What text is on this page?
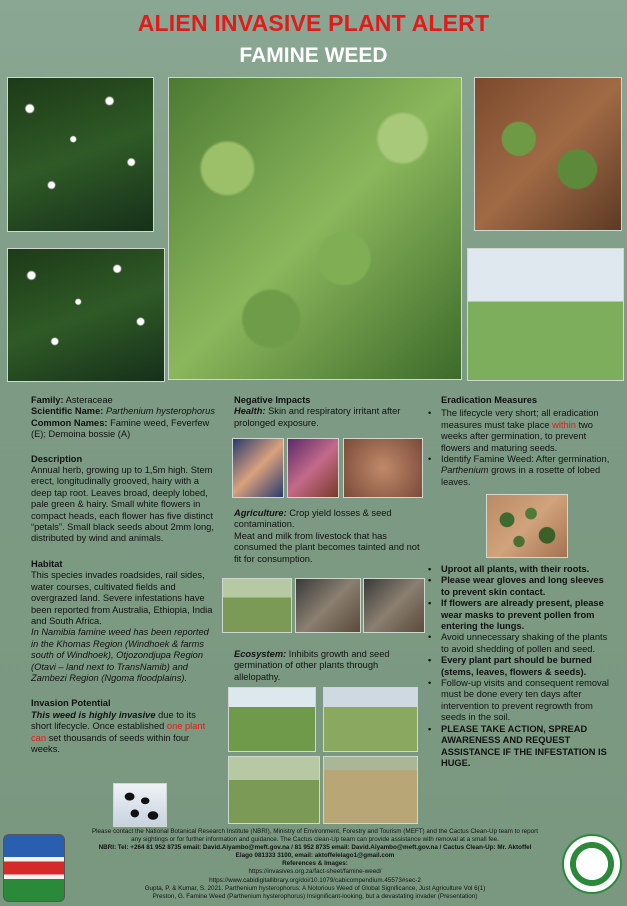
ALIEN INVASIVE PLANT ALERT
FAMINE WEED

Family: Asteraceae

Scientific Name: Parthenium hysterophorus

Common Names: Famine weed, Feverfew (E); Demoina bossie (A)

Description

Annual herb, growing up to 1,5m high. Stem erect, longitudinally grooved, hairy with a deep tap root. Leaves broad, deeply lobed, pale green & hairy. Small white flowers in compact heads, each flower has five distinct “petals”. Small black seeds about 2mm long, distributed by wind and animals.

Habitat

This species invades roadsides, rail sides, water courses, cultivated fields and overgrazed land. Severe infestations have been reported from Australia, Ethiopia, India and South Africa.

In Namibia famine weed has been reported in the Khomas Region (Windhoek & farms south of Windhoek), Otjozondjupa Region (Otavi – land next to TransNamib) and Zambezi Region (Ngoma floodplains).

Invasion Potential

This weed is highly invasive due to its short lifecycle. Once established one plant can set thousands of seeds within four weeks.

Negative Impacts

Health: Skin and respiratory irritant after prolonged exposure.

Agriculture: Crop yield losses & seed contamination.

Meat and milk from livestock that has consumed the plant becomes tainted and not fit for consumption.

Ecosystem: Inhibits growth and seed germination of other plants through allelopathy.

Eradication Measures

• The lifecycle very short; all eradication measures must take place within two weeks after germination, to prevent flowers and maturing seeds.
• Identify Famine Weed: After germination, Parthenium grows in a rosette of lobed leaves.
• Uproot all plants, with their roots.
• Please wear gloves and long sleeves to prevent skin contact.
• If flowers are already present, please wear masks to prevent pollen from entering the lungs.
• Avoid unnecessary shaking of the plants to avoid shedding of pollen and seed.
• Every plant part should be burned (stems, leaves, flowers & seeds).
• Follow-up visits and consequent removal must be done every ten days after intervention to prevent regrowth from seeds in the soil.
• PLEASE TAKE ACTION, SPREAD AWARENESS AND REQUEST ASSISTANCE IF THE INFESTATION IS HUGE.

Please contact the National Botanical Research Institute (NBRI), Ministry of Environment, Forestry and Tourism (MEFT) and the Cactus Clean-Up team to report any sightings or for further information and guidance. The Cactus clean-Up team can provide assistance with removal at a small fee.

NBRI: Tel: +264 81 952 8735 email: David.Aiyambo@meft.gov.na / 81 952 8735 email: David.Aiyambo@meft.gov.na / Cactus Clean-Up: Mr. Aktoffel Elago 081333 3100, email: aktoffelelago1@gmail.com

References & Images:

https://invasives.org.za/fact-sheet/famine-weed/

https://www.cabidigitallibrary.org/doi/10.1079/cabicompendium.45573#sec-2

Gupta, P. & Kumar, S. 2021. Parthenium hysterophorus: A Notorious Weed of Global Significance, Just Agriculture Vol 6(1)

Preston, G. Famine Weed (Parthenium hysterophorus) Insignificant-looking, but a devastating invader (Presentation)
